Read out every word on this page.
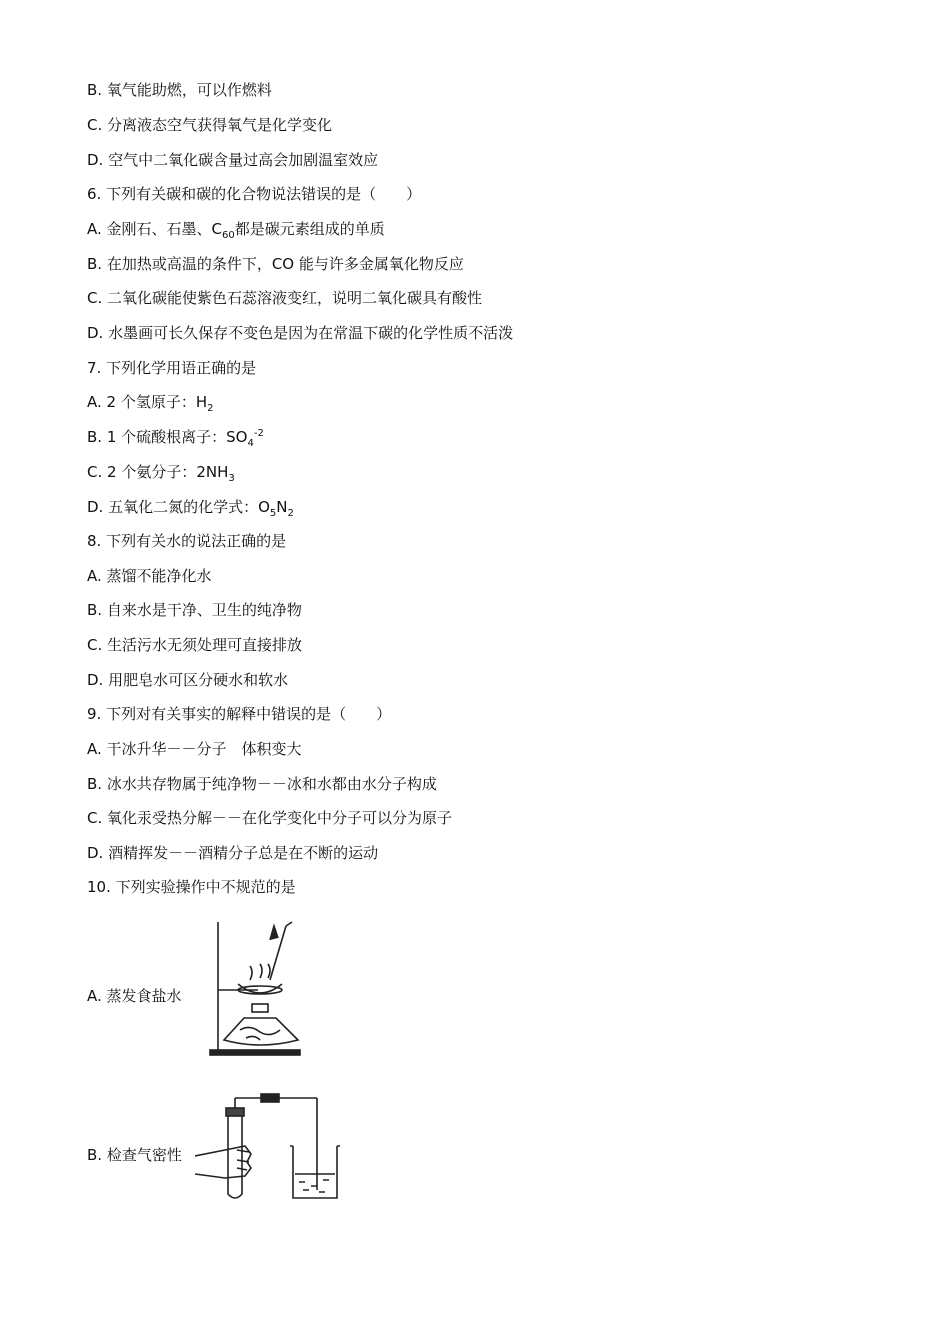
B. 氧气能助燃，可以作燃料
C. 分离液态空气获得氧气是化学变化
D. 空气中二氧化碳含量过高会加剧温室效应
6. 下列有关碳和碳的化合物说法错误的是（　　）
A. 金刚石、石墨、$C_{60}$都是碳元素组成的单质
B. 在加热或高温的条件下，CO 能与许多金属氧化物反应
C. 二氧化碳能使紫色石蕊溶液变红，说明二氧化碳具有酸性
D. 水墨画可长久保存不变色是因为在常温下碳的化学性质不活泼
7. 下列化学用语正确的是
A. 2 个氢原子：$H_2$
B. 1 个硫酸根离子：$SO_4^{-2}$
C. 2 个氨分子：$2NH_3$
D. 五氧化二氮的化学式：$O_5N_2$
8. 下列有关水的说法正确的是
A. 蒸馏不能净化水
B. 自来水是干净、卫生的纯净物
C. 生活污水无须处理可直接排放
D. 用肥皂水可区分硬水和软水
9. 下列对有关事实的解释中错误的是（　　）
A. 干冰升华－－分子　体积变大
B. 冰水共存物属于纯净物－－冰和水都由水分子构成
C. 氧化汞受热分解－－在化学变化中分子可以分为原子
D. 酒精挥发－－酒精分子总是在不断的运动
10. 下列实验操作中不规范的是
A. 蒸发食盐水
B. 检查气密性
